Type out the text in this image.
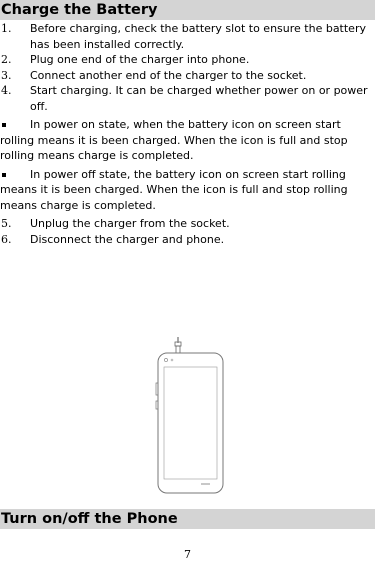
Charge the Battery
1. Before charging, check the battery slot to ensure the battery has been installed correctly.
2. Plug one end of the charger into phone.
3. Connect another end of the charger to the socket.
4. Start charging. It can be charged whether power on or power off.
In power on state, when the battery icon on screen start rolling means it is been charged. When the icon is full and stop rolling means charge is completed.
In power off state, the battery icon on screen start rolling means it is been charged. When the icon is full and stop rolling means charge is completed.
5. Unplug the charger from the socket.
6. Disconnect the charger and phone.
Turn on/off the Phone
7
